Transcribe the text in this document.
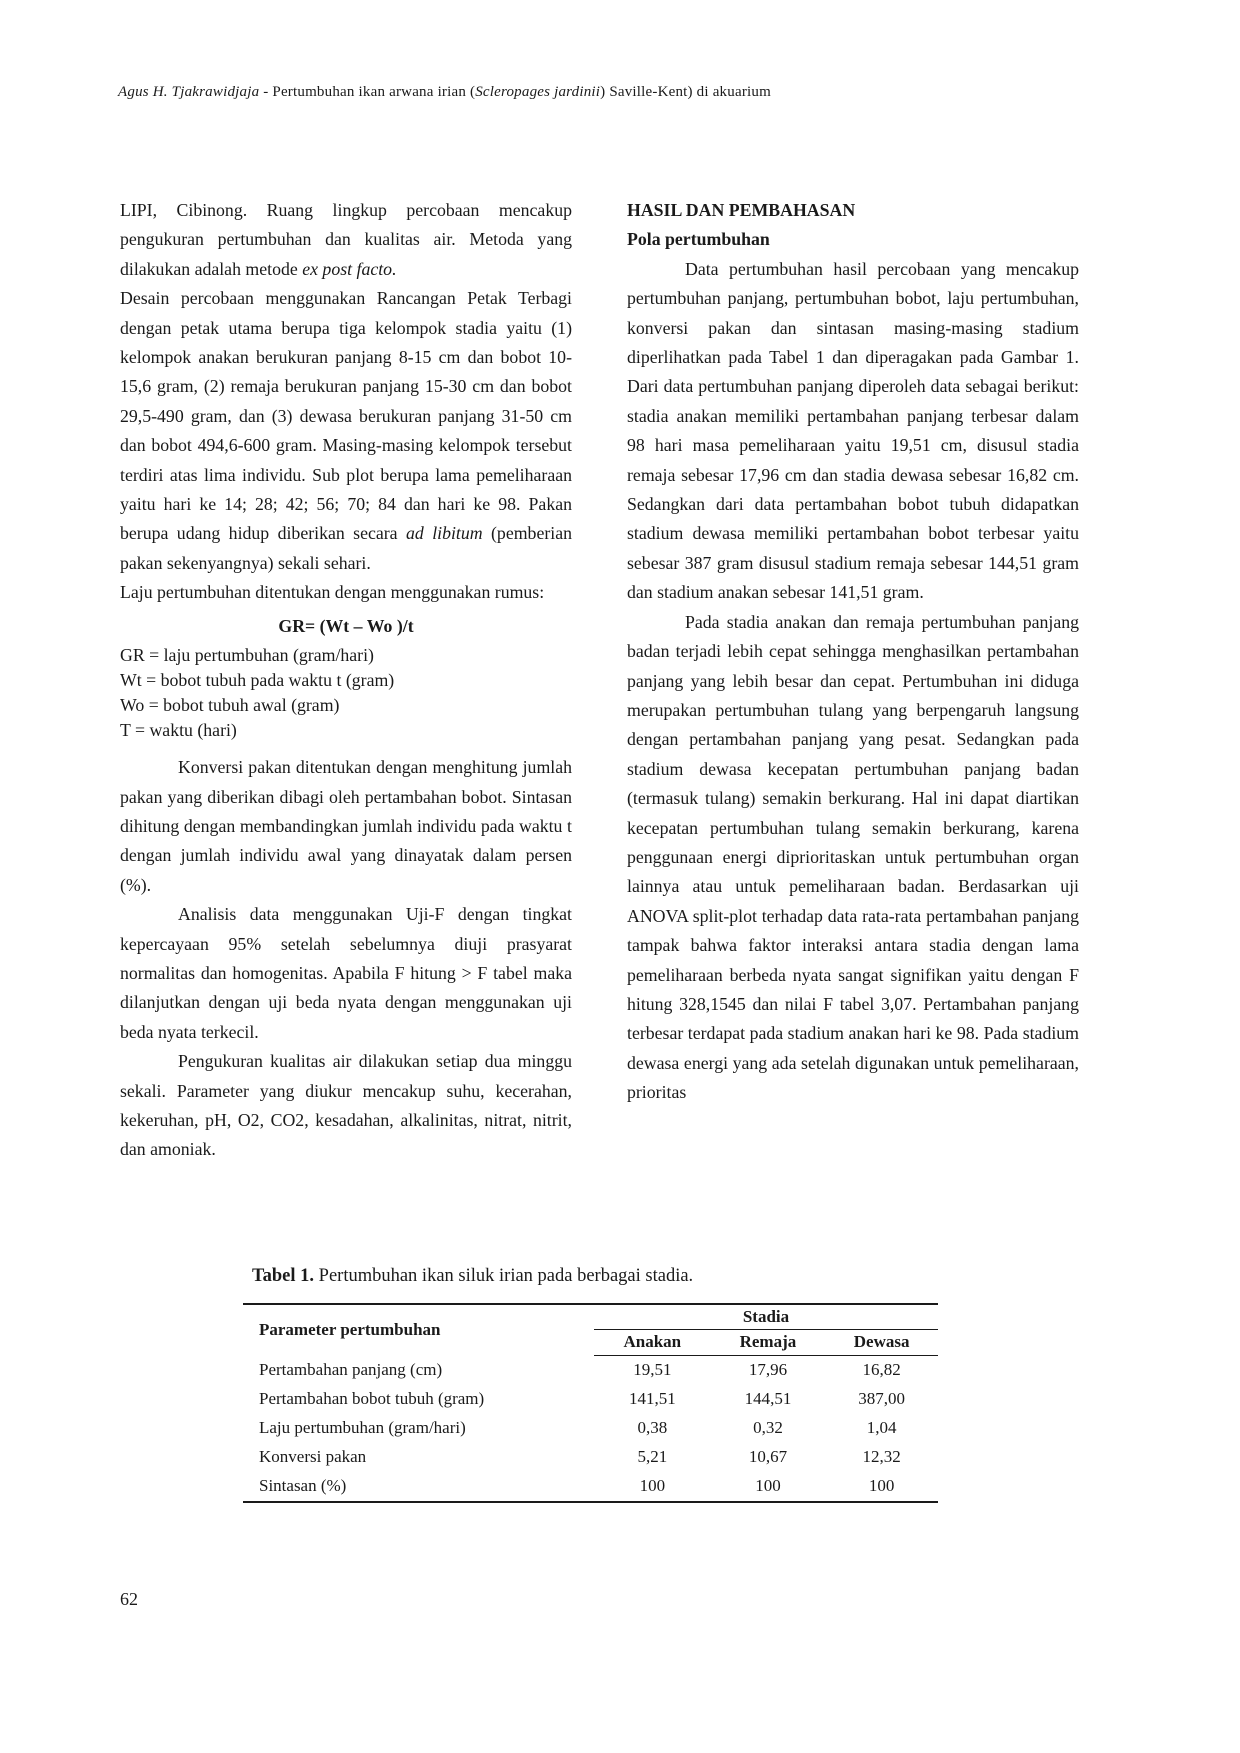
Agus H. Tjakrawidjaja - Pertumbuhan ikan arwana irian (Scleropages jardinii) Saville-Kent) di akuarium

LIPI, Cibinong. Ruang lingkup percobaan mencakup pengukuran pertumbuhan dan kualitas air. Metoda yang dilakukan adalah metode ex post facto.

Desain percobaan menggunakan Rancangan Petak Terbagi dengan petak utama berupa tiga kelompok stadia yaitu (1) kelompok anakan berukuran panjang 8-15 cm dan bobot 10-15,6 gram, (2) remaja berukuran panjang 15-30 cm dan bobot 29,5-490 gram, dan (3) dewasa berukuran panjang 31-50 cm dan bobot 494,6-600 gram. Masing-masing kelompok tersebut terdiri atas lima individu. Sub plot berupa lama pemeliharaan yaitu hari ke 14; 28; 42; 56; 70; 84 dan hari ke 98. Pakan berupa udang hidup diberikan secara ad libitum (pemberian pakan sekenyangnya) sekali sehari.

Laju pertumbuhan ditentukan dengan menggunakan rumus:

GR= (Wt – Wo )/t
GR = laju pertumbuhan (gram/hari)
Wt = bobot tubuh pada waktu t (gram)
Wo = bobot tubuh awal (gram)
T = waktu (hari)

Konversi pakan ditentukan dengan menghitung jumlah pakan yang diberikan dibagi oleh pertambahan bobot. Sintasan dihitung dengan membandingkan jumlah individu pada waktu t dengan jumlah individu awal yang dinayatak dalam persen (%).

Analisis data menggunakan Uji-F dengan tingkat kepercayaan 95% setelah sebelumnya diuji prasyarat normalitas dan homogenitas. Apabila F hitung > F tabel maka dilanjutkan dengan uji beda nyata dengan menggunakan uji beda nyata terkecil.

Pengukuran kualitas air dilakukan setiap dua minggu sekali. Parameter yang diukur mencakup suhu, kecerahan, kekeruhan, pH, O2, CO2, kesadahan, alkalinitas, nitrat, nitrit, dan amoniak.

HASIL DAN PEMBAHASAN
Pola pertumbuhan

Data pertumbuhan hasil percobaan yang mencakup pertumbuhan panjang, pertumbuhan bobot, laju pertumbuhan, konversi pakan dan sintasan masing-masing stadium diperlihatkan pada Tabel 1 dan diperagakan pada Gambar 1. Dari data pertumbuhan panjang diperoleh data sebagai berikut: stadia anakan memiliki pertambahan panjang terbesar dalam 98 hari masa pemeliharaan yaitu 19,51 cm, disusul stadia remaja sebesar 17,96 cm dan stadia dewasa sebesar 16,82 cm. Sedangkan dari data pertambahan bobot tubuh didapatkan stadium dewasa memiliki pertambahan bobot terbesar yaitu sebesar 387 gram disusul stadium remaja sebesar 144,51 gram dan stadium anakan sebesar 141,51 gram.

Pada stadia anakan dan remaja pertumbuhan panjang badan terjadi lebih cepat sehingga menghasilkan pertambahan panjang yang lebih besar dan cepat. Pertumbuhan ini diduga merupakan pertumbuhan tulang yang berpengaruh langsung dengan pertambahan panjang yang pesat. Sedangkan pada stadium dewasa kecepatan pertumbuhan panjang badan (termasuk tulang) semakin berkurang. Hal ini dapat diartikan kecepatan pertumbuhan tulang semakin berkurang, karena penggunaan energi diprioritaskan untuk pertumbuhan organ lainnya atau untuk pemeliharaan badan. Berdasarkan uji ANOVA split-plot terhadap data rata-rata pertambahan panjang tampak bahwa faktor interaksi antara stadia dengan lama pemeliharaan berbeda nyata sangat signifikan yaitu dengan F hitung 328,1545 dan nilai F tabel 3,07. Pertambahan panjang terbesar terdapat pada stadium anakan hari ke 98. Pada stadium dewasa energi yang ada setelah digunakan untuk pemeliharaan, prioritas

Tabel 1. Pertumbuhan ikan siluk irian pada berbagai stadia.
Parameter pertumbuhan	Stadia		
	Anakan	Remaja	Dewasa
Pertambahan panjang (cm)	19,51	17,96	16,82
Pertambahan bobot tubuh (gram)	141,51	144,51	387,00
Laju pertumbuhan (gram/hari)	0,38	0,32	1,04
Konversi pakan	5,21	10,67	12,32
Sintasan (%)	100	100	100
62
